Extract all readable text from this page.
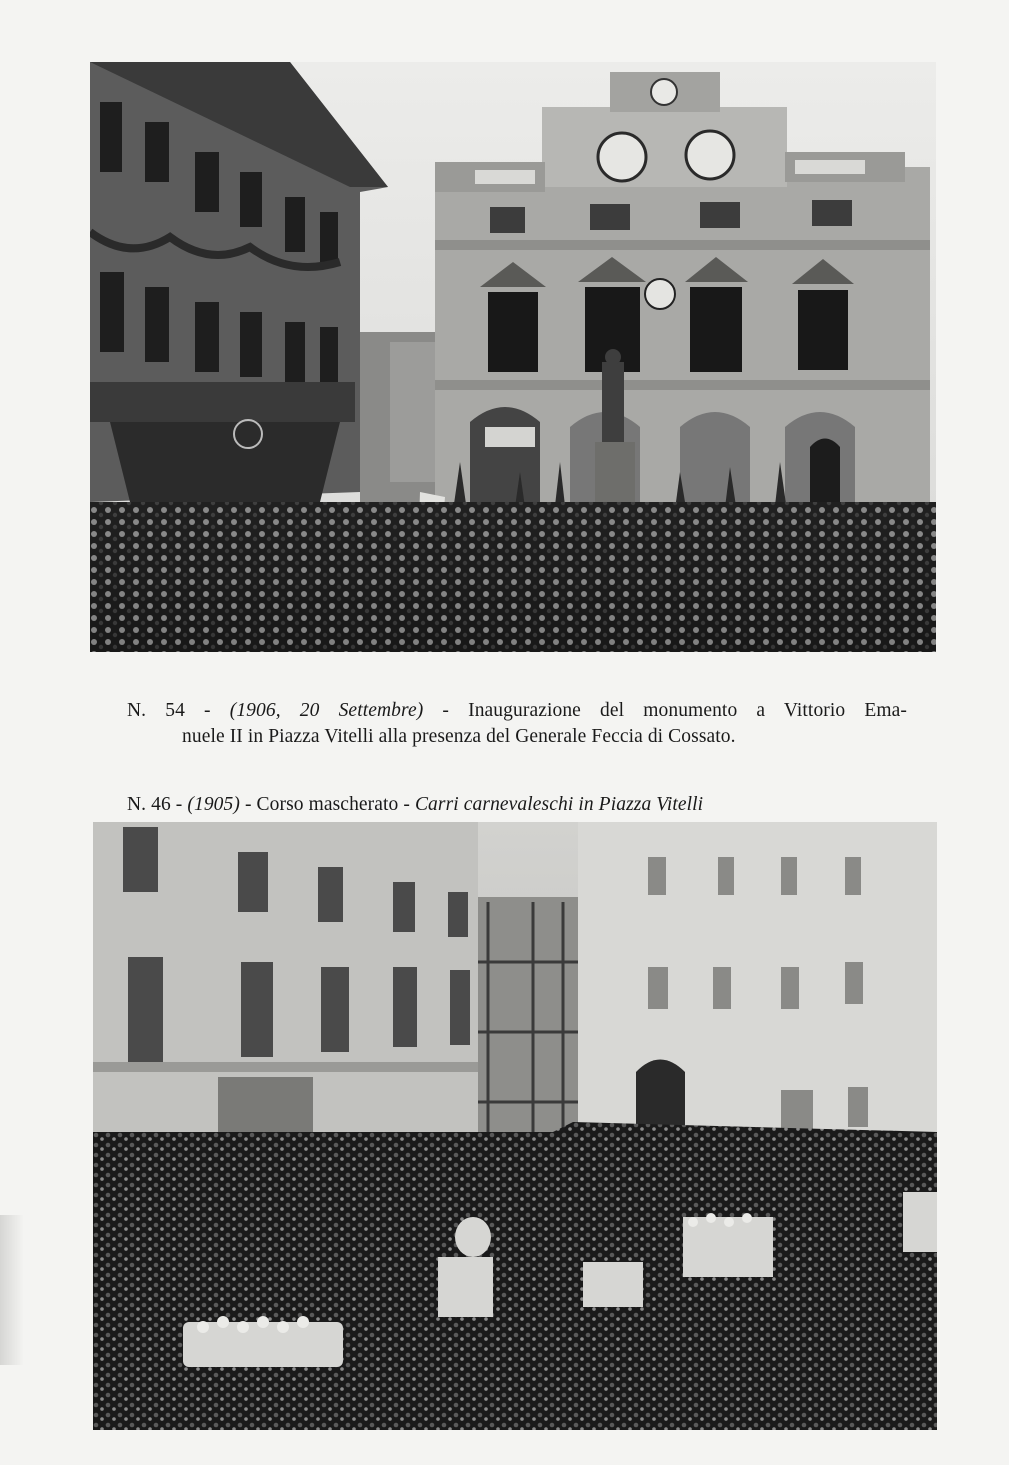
N. 54 - (1906, 20 Settembre) - Inaugurazione del monumento a Vittorio Ema-
nuele II in Piazza Vitelli alla presenza del Generale Feccia di Cossato.

N. 46 - (1905) - Corso mascherato - Carri carnevaleschi in Piazza Vitelli
